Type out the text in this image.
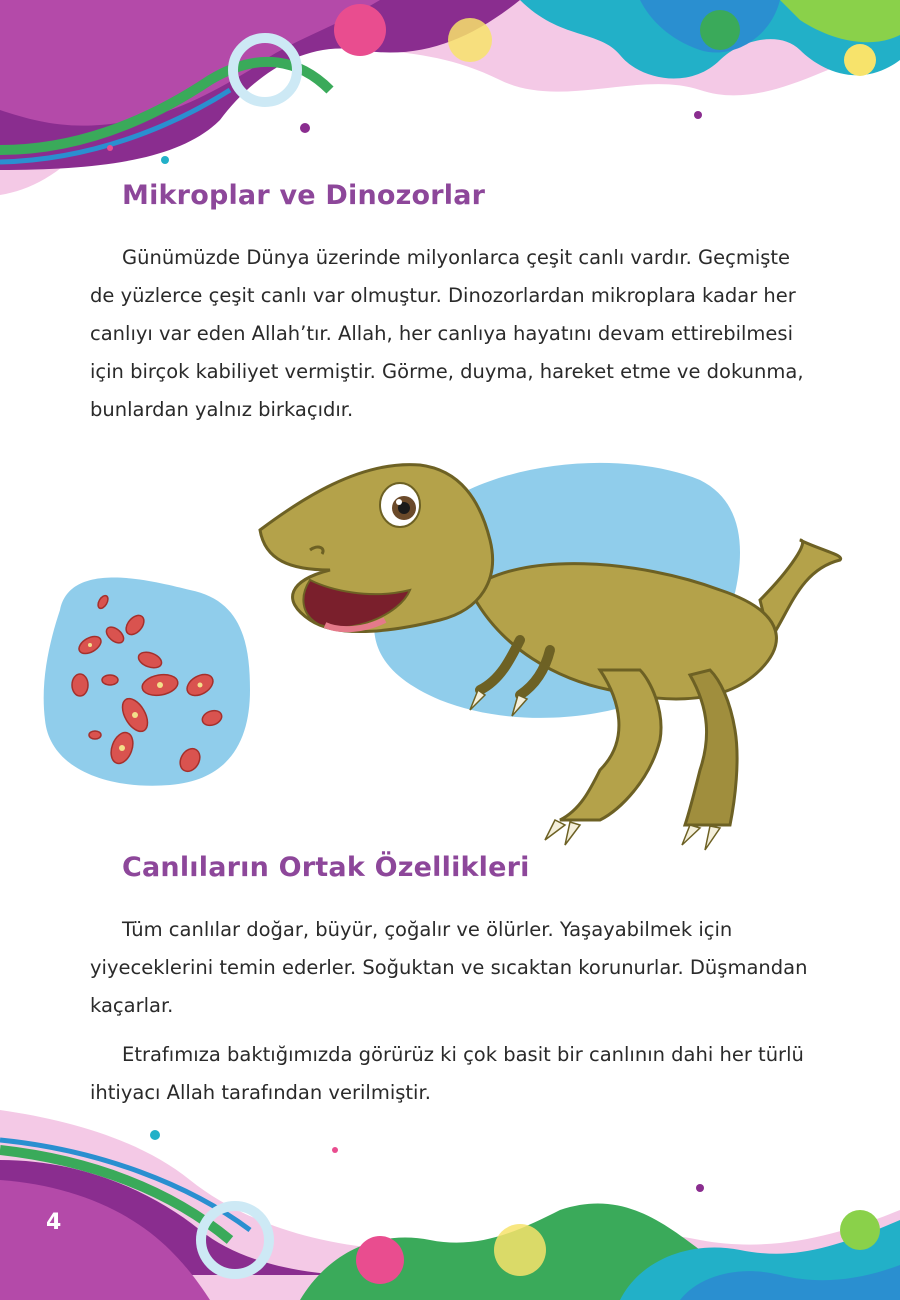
Mikroplar ve Dinozorlar

Günümüzde Dünya üzerinde milyonlarca çeşit canlı vardır. Geçmişte de yüzlerce çeşit canlı var olmuştur. Dinozorlardan mikroplara kadar her canlıyı var eden Allah’tır. Allah, her canlıya hayatını devam ettirebilmesi için birçok kabiliyet vermiştir. Görme, duyma, hareket etme ve dokunma, bunlardan yalnız birkaçıdır.

Canlıların Ortak Özellikleri

Tüm canlılar doğar, büyür, çoğalır ve ölürler. Yaşayabilmek için yiyeceklerini temin ederler. Soğuktan ve sıcaktan korunurlar. Düşmandan kaçarlar.

Etrafımıza baktığımızda görürüz ki çok basit bir canlının dahi her türlü ihtiyacı Allah tarafından verilmiştir.

4
